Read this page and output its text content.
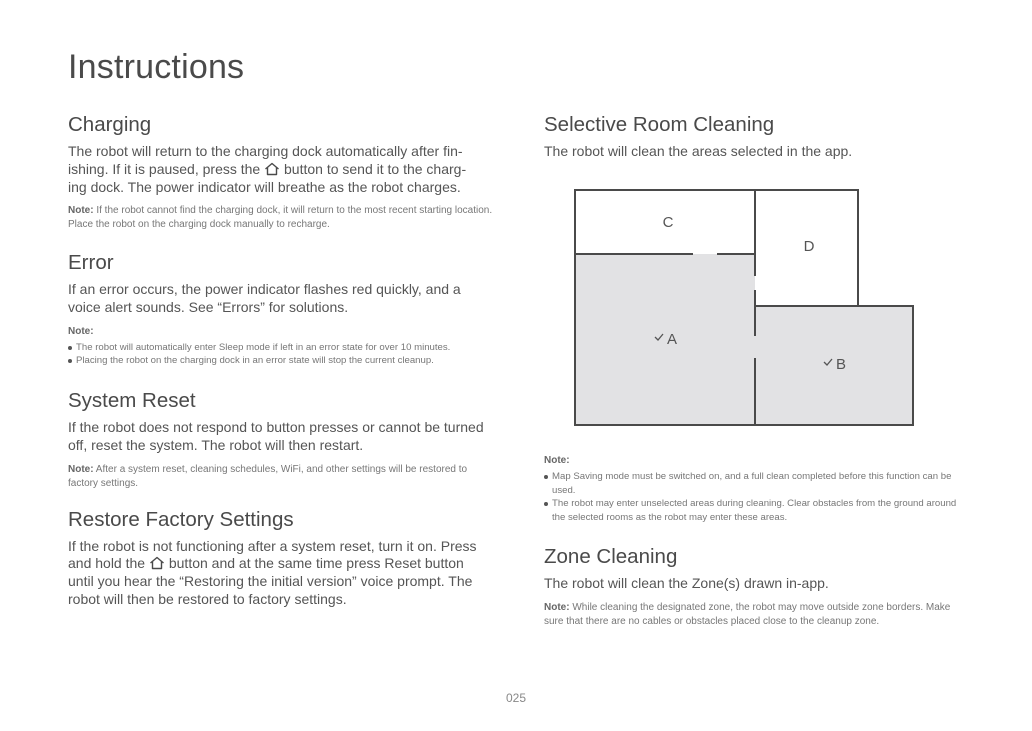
Instructions
Charging

The robot will return to the charging dock automatically after fin-
ishing. If it is paused, press the button to send it to the charg-
ing dock. The power indicator will breathe as the robot charges.

Note: If the robot cannot find the charging dock, it will return to the most recent starting location. Place the robot on the charging dock manually to recharge.

Error

If an error occurs, the power indicator flashes red quickly, and a voice alert sounds. See “Errors” for solutions.

Note:

The robot will automatically enter Sleep mode if left in an error state for over 10 minutes.
Placing the robot on the charging dock in an error state will stop the current cleanup.
System Reset

If the robot does not respond to button presses or cannot be turned off, reset the system. The robot will then restart.

Note: After a system reset, cleaning schedules, WiFi, and other settings will be restored to factory settings.

Restore Factory Settings

If the robot is not functioning after a system reset, turn it on. Press
and hold the button and at the same time press Reset button
until you hear the “Restoring the initial version” voice prompt. The robot will then be restored to factory settings.

Selective Room Cleaning

The robot will clean the areas selected in the app.

Note:

Map Saving mode must be switched on, and a full clean completed before this function can be used.
The robot may enter unselected areas during cleaning. Clear obstacles from the ground around the selected rooms as the robot may enter these areas.
Zone Cleaning

The robot will clean the Zone(s) drawn in-app.

Note: While cleaning the designated zone, the robot may move outside zone borders. Make sure that there are no cables or obstacles placed close to the cleanup zone.

C
D
A
B
025
